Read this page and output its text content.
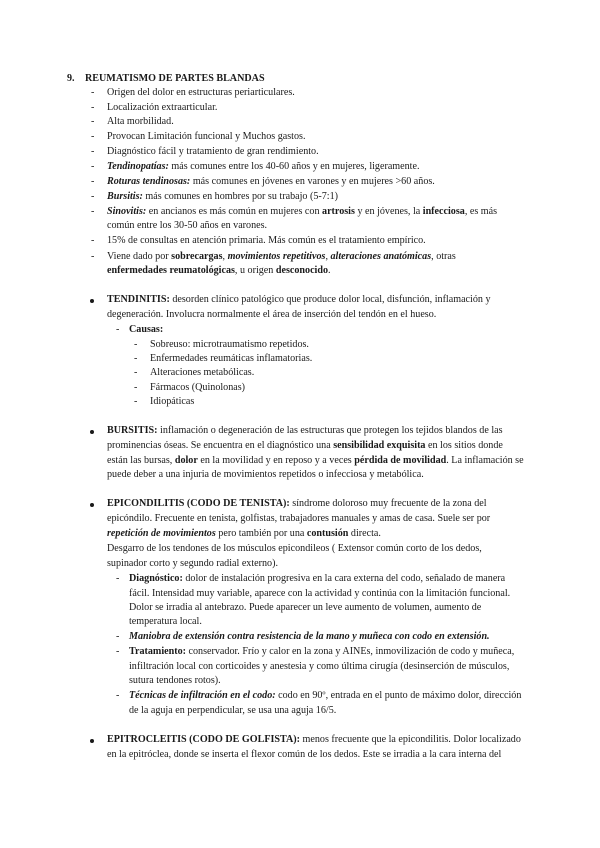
9. REUMATISMO DE PARTES BLANDAS
- Origen del dolor en estructuras periarticulares.
- Localización extraarticular.
- Alta morbilidad.
- Provocan Limitación funcional y Muchos gastos.
- Diagnóstico fácil y tratamiento de gran rendimiento.
- Tendinopatías: más comunes entre los 40-60 años y en mujeres, ligeramente.
- Roturas tendinosas: más comunes en jóvenes en varones y en mujeres >60 años.
- Bursitis: más comunes en hombres por su trabajo (5-7:1)
- Sinovitis: en ancianos es más común en mujeres con artrosis y en jóvenes, la infecciosa, es más
común entre los 30-50 años en varones.
- 15% de consultas en atención primaria. Más común es el tratamiento empírico.
- Viene dado por sobrecargas, movimientos repetitivos, alteraciones anatómicas, otras
enfermedades reumatológicas, u origen desconocido.
TENDINITIS: desorden clínico patológico que produce dolor local, disfunción, inflamación y
degeneración. Involucra normalmente el área de inserción del tendón en el hueso.
- Causas:
- Sobreuso: microtraumatismo repetidos.
- Enfermedades reumáticas inflamatorias.
- Alteraciones metabólicas.
- Fármacos (Quinolonas)
- Idiopáticas
BURSITIS: inflamación o degeneración de las estructuras que protegen los tejidos blandos de las
prominencias óseas. Se encuentra en el diagnóstico una sensibilidad exquisita en los sitios donde
están las bursas, dolor en la movilidad y en reposo y a veces pérdida de movilidad. La inflamación se
puede deber a una injuria de movimientos repetidos o infecciosa y metabólica.
EPICONDILITIS (CODO DE TENISTA): síndrome doloroso muy frecuente de la zona del
epicóndilo. Frecuente en tenista, golfistas, trabajadores manuales y amas de casa. Suele ser por
repetición de movimientos pero también por una contusión directa.
Desgarro de los tendones de los músculos epicondileos ( Extensor común corto de los dedos,
supinador corto y segundo radial externo).
- Diagnóstico: dolor de instalación progresiva en la cara externa del codo, señalado de manera
fácil. Intensidad muy variable, aparece con la actividad y continúa con la limitación funcional.
Dolor se irradia al antebrazo. Puede aparecer un leve aumento de volumen, aumento de
temperatura local.
- Maniobra de extensión contra resistencia de la mano y muñeca con codo en extensión.
- Tratamiento: conservador. Frío y calor en la zona y AINEs, inmovilización de codo y muñeca,
infiltración local con corticoides y anestesia y como última cirugía (desinserción de músculos,
sutura tendones rotos).
- Técnicas de infiltración en el codo: codo en 90º, entrada en el punto de máximo dolor, dirección
de la aguja en perpendicular, se usa una aguja 16/5.
EPITROCLEITIS (CODO DE GOLFISTA): menos frecuente que la epicondilitis. Dolor localizado
en la epitróclea, donde se inserta el flexor común de los dedos. Este se irradia a la cara interna del
